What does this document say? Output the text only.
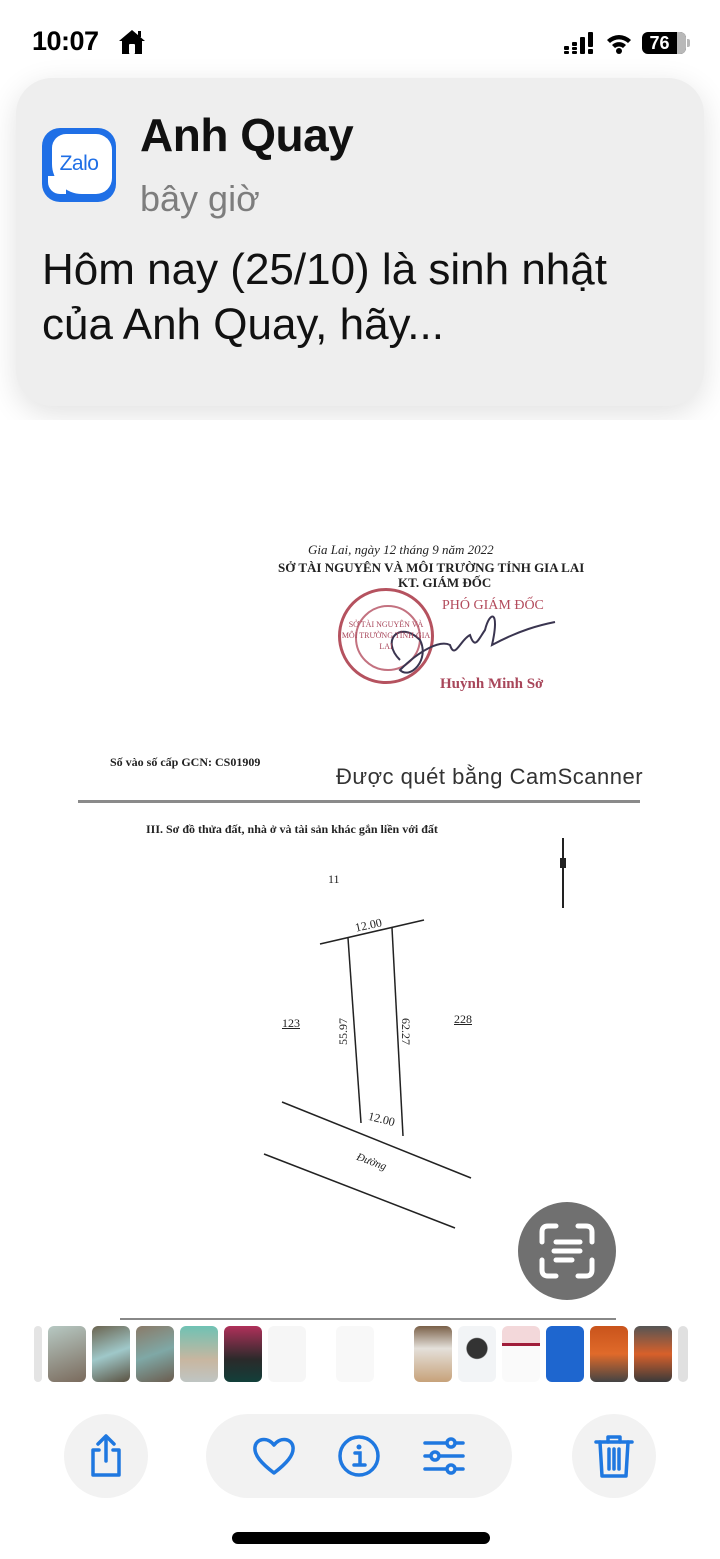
10:07	76
Zalo
Anh Quay
bây giờ
Hôm nay (25/10) là sinh nhật của Anh Quay, hãy...
Gia Lai, ngày 12 tháng 9 năm 2022
SỞ TÀI NGUYÊN VÀ MÔI TRƯỜNG TỈNH GIA LAI
KT. GIÁM ĐỐC
SỞ TÀI NGUYÊN VÀ MÔI TRƯỜNG TỈNH GIA LAI
PHÓ GIÁM ĐỐC
Huỳnh Minh Sở
Số vào số cấp GCN: CS01909
Được quét bằng CamScanner
III. Sơ đồ thửa đất, nhà ở và tài sản khác gắn liền với đất
11
123	228
12.00
12.00
55.97	62.27
Đường
